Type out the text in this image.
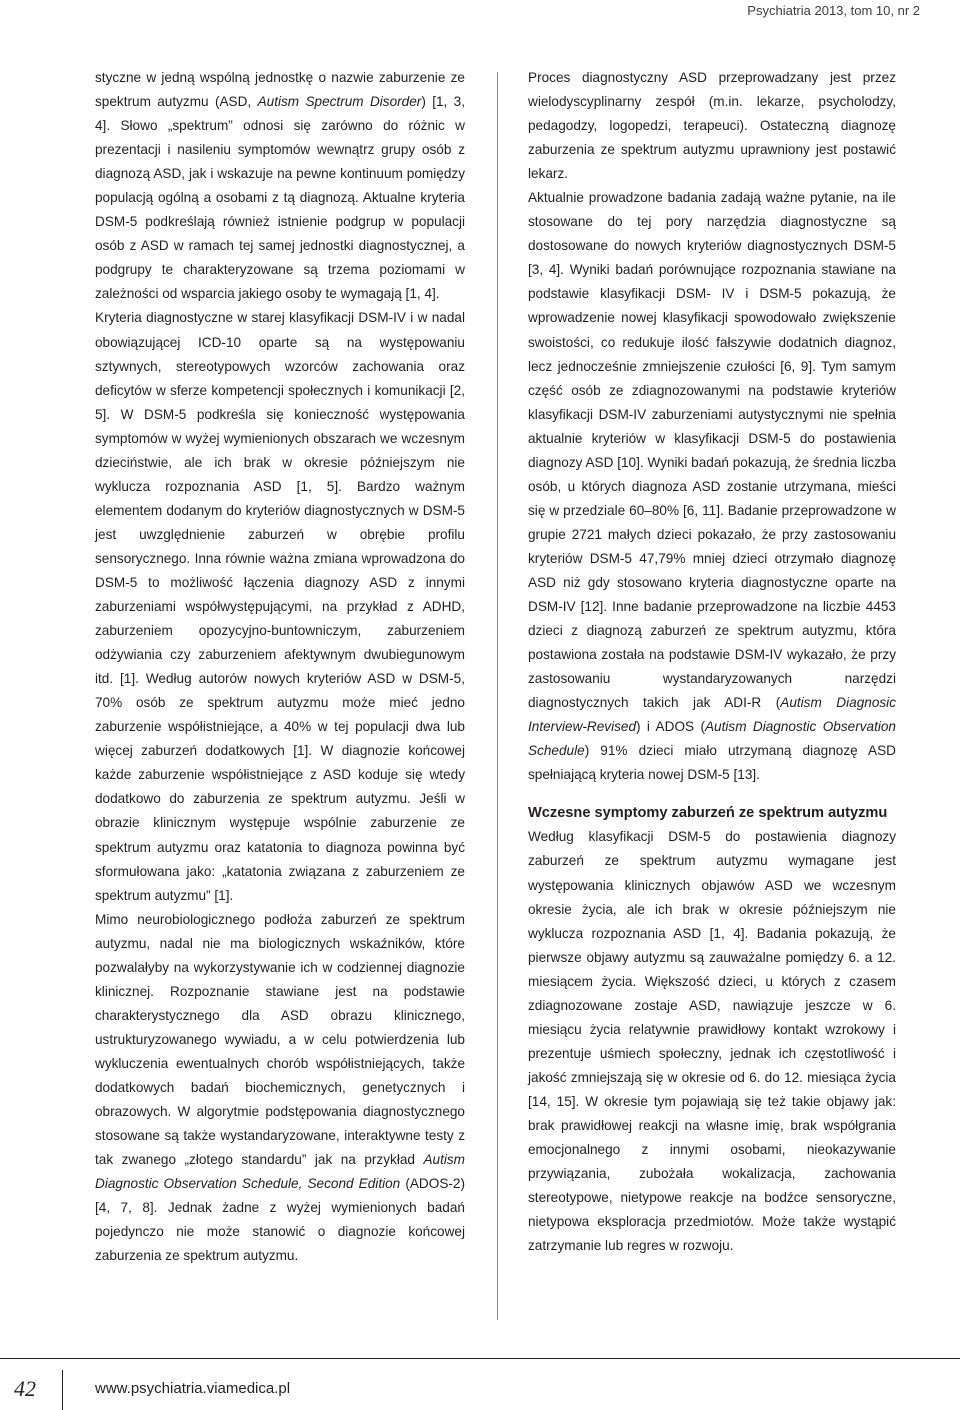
Psychiatria 2013, tom 10, nr 2

styczne w jedną wspólną jednostkę o nazwie zaburzenie ze spektrum autyzmu (ASD, Autism Spectrum Disorder) [1, 3, 4]. Słowo „spektrum” odnosi się zarówno do różnic w prezentacji i nasileniu symptomów wewnątrz grupy osób z diagnozą ASD, jak i wskazuje na pewne kontinuum pomiędzy populacją ogólną a osobami z tą diagnozą. Aktualne kryteria DSM-5 podkreślają również istnienie podgrup w populacji osób z ASD w ramach tej samej jednostki diagnostycznej, a podgrupy te charakteryzowane są trzema poziomami w zależności od wsparcia jakiego osoby te wymagają [1, 4].

Kryteria diagnostyczne w starej klasyfikacji DSM-IV i w nadal obowiązującej ICD-10 oparte są na występowaniu sztywnych, stereotypowych wzorców zachowania oraz deficytów w sferze kompetencji społecznych i komunikacji [2, 5]. W DSM-5 podkreśla się konieczność występowania symptomów w wyżej wymienionych obszarach we wczesnym dzieciństwie, ale ich brak w okresie późniejszym nie wyklucza rozpoznania ASD [1, 5]. Bardzo ważnym elementem dodanym do kryteriów diagnostycznych w DSM-5 jest uwzględnienie zaburzeń w obrębie profilu sensorycznego. Inna równie ważna zmiana wprowadzona do DSM-5 to możliwość łączenia diagnozy ASD z innymi zaburzeniami współwystępującymi, na przykład z ADHD, zaburzeniem opozycyjno-buntowniczym, zaburzeniem odżywiania czy zaburzeniem afektywnym dwubiegunowym itd. [1]. Według autorów nowych kryteriów ASD w DSM-5, 70% osób ze spektrum autyzmu może mieć jedno zaburzenie współistniejące, a 40% w tej populacji dwa lub więcej zaburzeń dodatkowych [1]. W diagnozie końcowej każde zaburzenie współistniejące z ASD koduje się wtedy dodatkowo do zaburzenia ze spektrum autyzmu. Jeśli w obrazie klinicznym występuje wspólnie zaburzenie ze spektrum autyzmu oraz katatonia to diagnoza powinna być sformułowana jako: „katatonia związana z zaburzeniem ze spektrum autyzmu” [1].

Mimo neurobiologicznego podłoża zaburzeń ze spektrum autyzmu, nadal nie ma biologicznych wskaźników, które pozwalałyby na wykorzystywanie ich w codziennej diagnozie klinicznej. Rozpoznanie stawiane jest na podstawie charakterystycznego dla ASD obrazu klinicznego, ustrukturyzowanego wywiadu, a w celu potwierdzenia lub wykluczenia ewentualnych chorób współistniejących, także dodatkowych badań biochemicznych, genetycznych i obrazowych. W algorytmie podstępowania diagnostycznego stosowane są także wystandaryzowane, interaktywne testy z tak zwanego „złotego standardu” jak na przykład Autism Diagnostic Observation Schedule, Second Edition (ADOS-2) [4, 7, 8]. Jednak żadne z wyżej wymienionych badań pojedynczo nie może stanowić o diagnozie końcowej zaburzenia ze spektrum autyzmu.

Proces diagnostyczny ASD przeprowadzany jest przez wielodyscyplinarny zespół (m.in. lekarze, psycholodzy, pedagodzy, logopedzi, terapeuci). Ostateczną diagnozę zaburzenia ze spektrum autyzmu uprawniony jest postawić lekarz.

Aktualnie prowadzone badania zadają ważne pytanie, na ile stosowane do tej pory narzędzia diagnostyczne są dostosowane do nowych kryteriów diagnostycznych DSM-5 [3, 4]. Wyniki badań porównujące rozpoznania stawiane na podstawie klasyfikacji DSM- IV i DSM-5 pokazują, że wprowadzenie nowej klasyfikacji spowodowało zwiększenie swoistości, co redukuje ilość fałszywie dodatnich diagnoz, lecz jednocześnie zmniejszenie czułości [6, 9]. Tym samym część osób ze zdiagnozowanymi na podstawie kryteriów klasyfikacji DSM-IV zaburzeniami autystycznymi nie spełnia aktualnie kryteriów w klasyfikacji DSM-5 do postawienia diagnozy ASD [10]. Wyniki badań pokazują, że średnia liczba osób, u których diagnoza ASD zostanie utrzymana, mieści się w przedziale 60–80% [6, 11]. Badanie przeprowadzone w grupie 2721 małych dzieci pokazało, że przy zastosowaniu kryteriów DSM-5 47,79% mniej dzieci otrzymało diagnozę ASD niż gdy stosowano kryteria diagnostyczne oparte na DSM-IV [12]. Inne badanie przeprowadzone na liczbie 4453 dzieci z diagnozą zaburzeń ze spektrum autyzmu, która postawiona została na podstawie DSM-IV wykazało, że przy zastosowaniu wystandaryzowanych narzędzi diagnostycznych takich jak ADI-R (Autism Diagnosic Interview-Revised) i ADOS (Autism Diagnostic Observation Schedule) 91% dzieci miało utrzymaną diagnozę ASD spełniającą kryteria nowej DSM-5 [13].

Wczesne symptomy zaburzeń ze spektrum autyzmu

Według klasyfikacji DSM-5 do postawienia diagnozy zaburzeń ze spektrum autyzmu wymagane jest występowania klinicznych objawów ASD we wczesnym okresie życia, ale ich brak w okresie późniejszym nie wyklucza rozpoznania ASD [1, 4]. Badania pokazują, że pierwsze objawy autyzmu są zauważalne pomiędzy 6. a 12. miesiącem życia. Większość dzieci, u których z czasem zdiagnozowane zostaje ASD, nawiązuje jeszcze w 6. miesiącu życia relatywnie prawidłowy kontakt wzrokowy i prezentuje uśmiech społeczny, jednak ich częstotliwość i jakość zmniejszają się w okresie od 6. do 12. miesiąca życia [14, 15]. W okresie tym pojawiają się też takie objawy jak: brak prawidłowej reakcji na własne imię, brak współgrania emocjonalnego z innymi osobami, nieokazywanie przywiązania, zubożała wokalizacja, zachowania stereotypowe, nietypowe reakcje na bodźce sensoryczne, nietypowa eksploracja przedmiotów. Może także wystąpić zatrzymanie lub regres w rozwoju.

42	www.psychiatria.viamedica.pl
